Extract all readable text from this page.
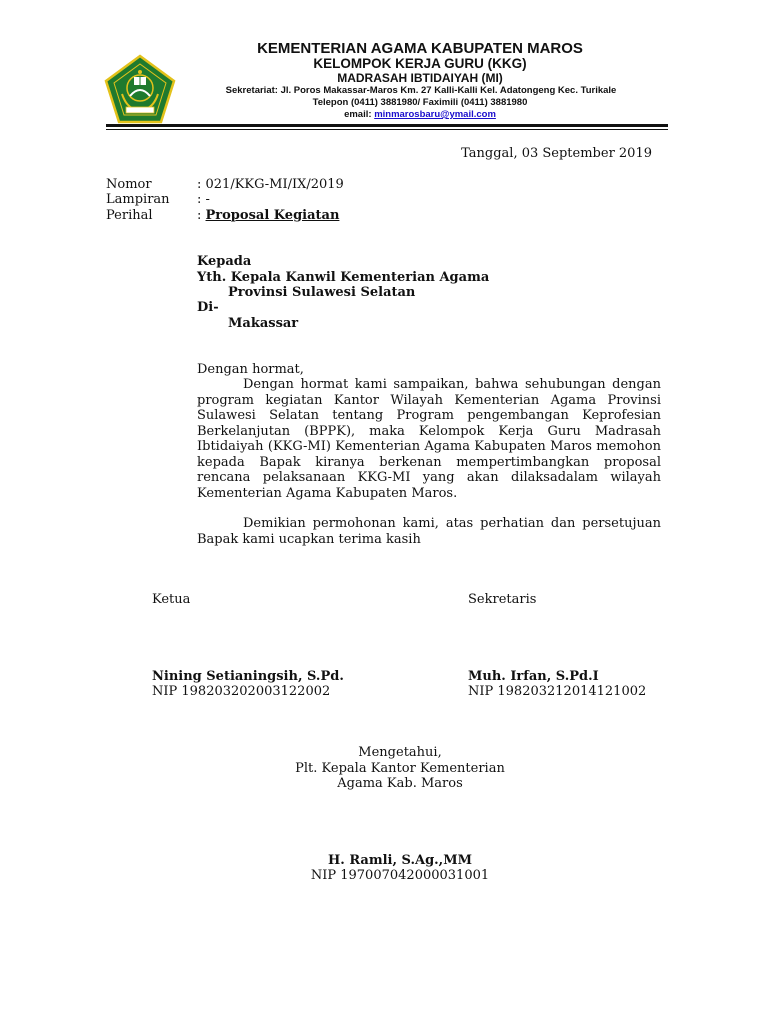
KEMENTERIAN AGAMA KABUPATEN MAROS
KELOMPOK KERJA GURU (KKG)
MADRASAH IBTIDAIYAH (MI)
Sekretariat: Jl. Poros Makassar-Maros Km. 27 Kalli-Kalli Kel. Adatongeng Kec. Turikale
Telepon (0411) 3881980/ Faximili (0411) 3881980
email: minmarosbaru@ymail.com
Tanggal, 03 September 2019
Nomor	: 021/KKG-MI/IX/2019
Lampiran : -
Perihal	: Proposal Kegiatan
Kepada
Yth. Kepala Kanwil Kementerian Agama
Provinsi Sulawesi Selatan
Di-
Makassar
Dengan hormat,
Dengan hormat kami sampaikan, bahwa sehubungan dengan program kegiatan Kantor Wilayah Kementerian Agama Provinsi Sulawesi Selatan tentang Program pengembangan Keprofesian Berkelanjutan (BPPK), maka Kelompok Kerja Guru Madrasah Ibtidaiyah (KKG-MI) Kementerian Agama Kabupaten Maros memohon kepada Bapak kiranya berkenan mempertimbangkan proposal rencana pelaksanaan KKG-MI yang akan dilaksadalam wilayah Kementerian Agama Kabupaten Maros.
Demikian permohonan kami, atas perhatian dan persetujuan Bapak kami ucapkan terima kasih
Ketua
Nining Setianingsih, S.Pd.
NIP 198203202003122002
Sekretaris
Muh. Irfan, S.Pd.I
NIP 198203212014121002
Mengetahui,
Plt. Kepala Kantor Kementerian
Agama Kab. Maros
H. Ramli, S.Ag.,MM
NIP 197007042000031001
